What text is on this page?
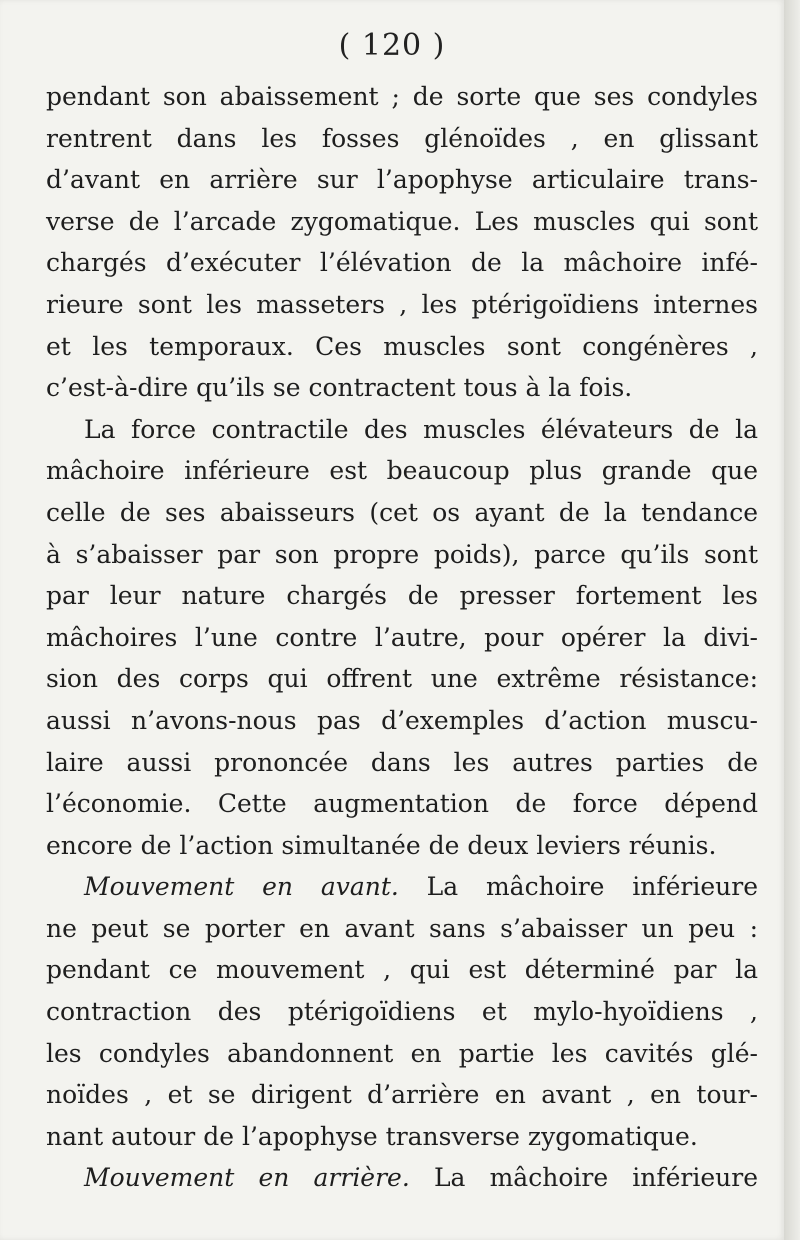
( 120 )
pendant son abaissement ; de sorte que ses condyles
rentrent dans les fosses glénoïdes , en glissant
d’avant en arrière sur l’apophyse articulaire trans-
verse de l’arcade zygomatique. Les muscles qui sont
chargés d’exécuter l’élévation de la mâchoire infé-
rieure sont les masseters , les ptérigoïdiens internes
et les temporaux. Ces muscles sont congénères ,
c’est-à-dire qu’ils se contractent tous à la fois.
La force contractile des muscles élévateurs de la
mâchoire inférieure est beaucoup plus grande que
celle de ses abaisseurs (cet os ayant de la tendance
à s’abaisser par son propre poids), parce qu’ils sont
par leur nature chargés de presser fortement les
mâchoires l’une contre l’autre, pour opérer la divi-
sion des corps qui offrent une extrême résistance:
aussi n’avons-nous pas d’exemples d’action muscu-
laire aussi prononcée dans les autres parties de
l’économie. Cette augmentation de force dépend
encore de l’action simultanée de deux leviers réunis.
Mouvement en avant. La mâchoire inférieure
ne peut se porter en avant sans s’abaisser un peu :
pendant ce mouvement , qui est déterminé par la
contraction des ptérigoïdiens et mylo-hyoïdiens ,
les condyles abandonnent en partie les cavités glé-
noïdes , et se dirigent d’arrière en avant , en tour-
nant autour de l’apophyse transverse zygomatique.
Mouvement en arrière. La mâchoire inférieure
